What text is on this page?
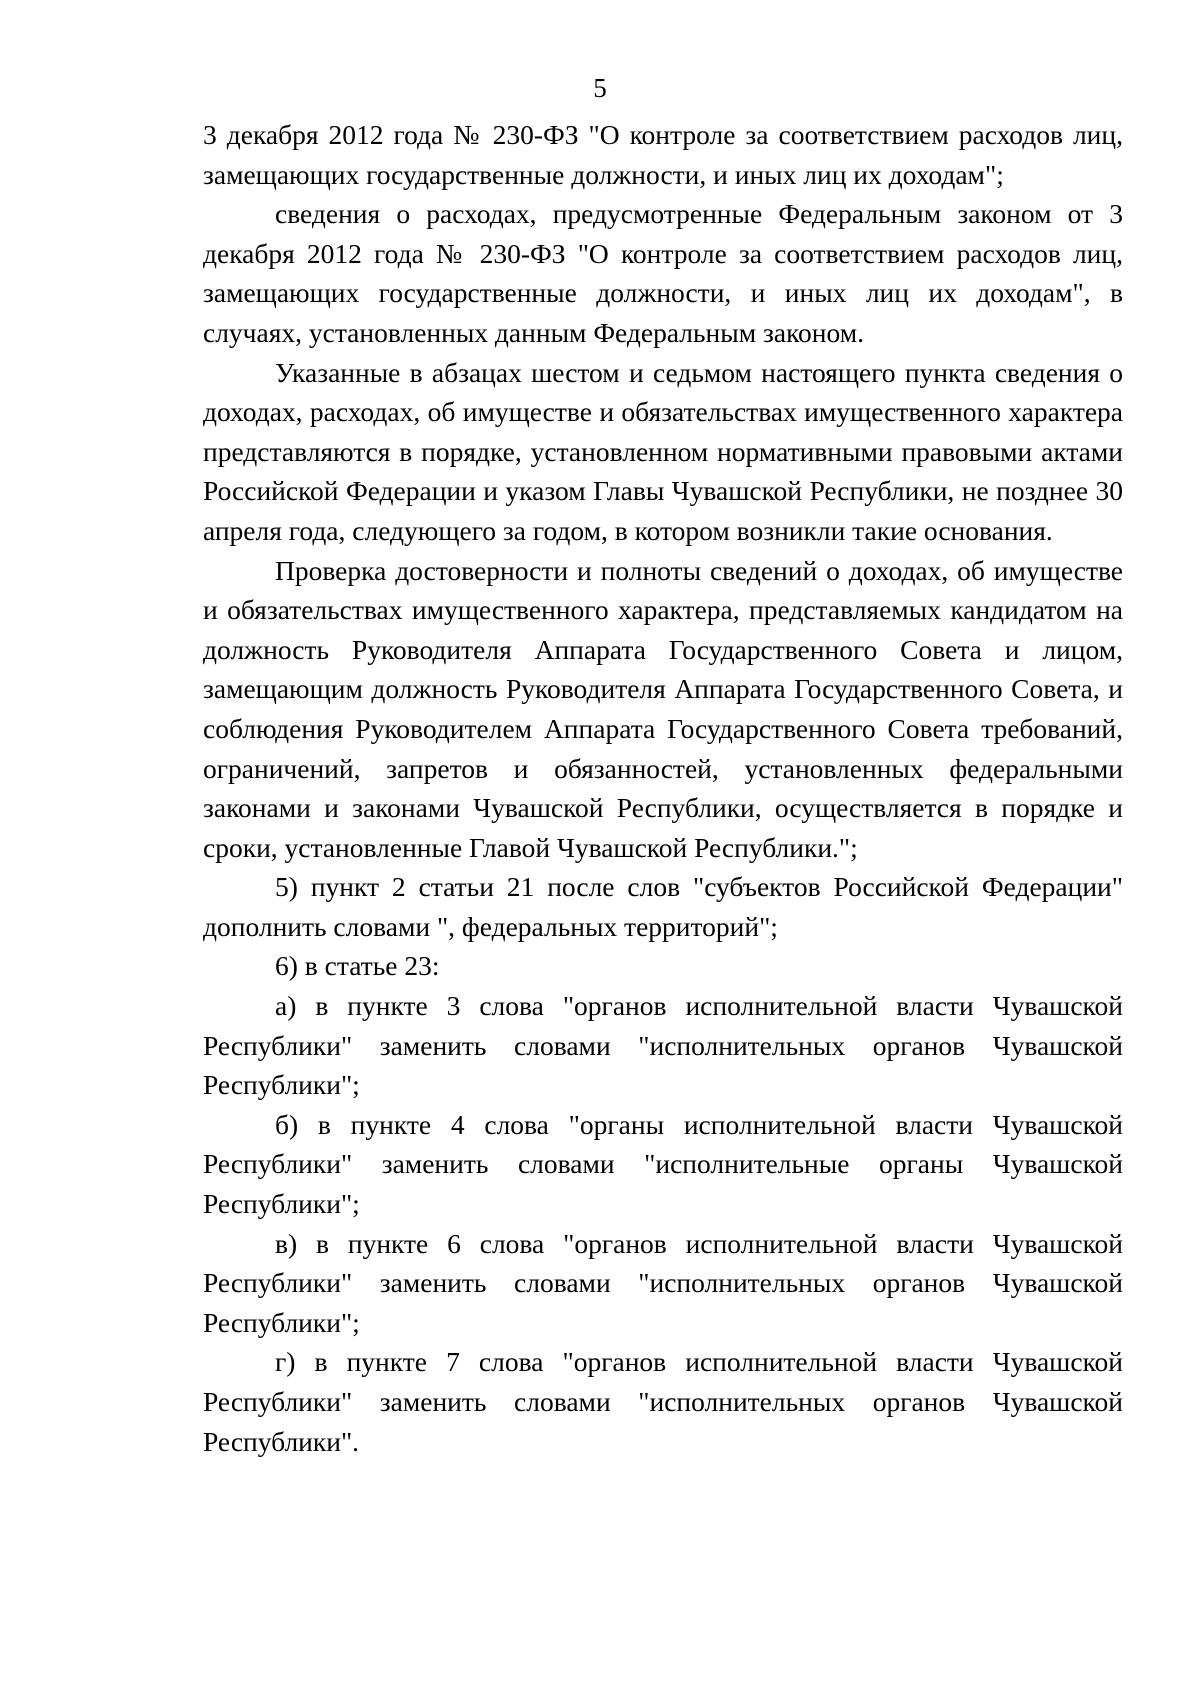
5

3 декабря 2012 года № 230-ФЗ "О контроле за соответствием расходов лиц, замещающих государственные должности, и иных лиц их доходам";

сведения о расходах, предусмотренные Федеральным законом от 3 декабря 2012 года № 230-ФЗ "О контроле за соответствием расходов лиц, замещающих государственные должности, и иных лиц их доходам", в случаях, установленных данным Федеральным законом.

Указанные в абзацах шестом и седьмом настоящего пункта сведения о доходах, расходах, об имуществе и обязательствах имущественного характера представляются в порядке, установленном нормативными правовыми актами Российской Федерации и указом Главы Чувашской Республики, не позднее 30 апреля года, следующего за годом, в котором возникли такие основания.

Проверка достоверности и полноты сведений о доходах, об имуществе и обязательствах имущественного характера, представляемых кандидатом на должность Руководителя Аппарата Государственного Совета и лицом, замещающим должность Руководителя Аппарата Государственного Совета, и соблюдения Руководителем Аппарата Государственного Совета требований, ограничений, запретов и обязанностей, установленных федеральными законами и законами Чувашской Республики, осуществляется в порядке и сроки, установленные Главой Чувашской Республики.";

5) пункт 2 статьи 21 после слов "субъектов Российской Федерации" дополнить словами ", федеральных территорий";

6) в статье 23:

а) в пункте 3 слова "органов исполнительной власти Чувашской Республики" заменить словами "исполнительных органов Чувашской Республики";

б) в пункте 4 слова "органы исполнительной власти Чувашской Республики" заменить словами "исполнительные органы Чувашской Республики";

в) в пункте 6 слова "органов исполнительной власти Чувашской Республики" заменить словами "исполнительных органов Чувашской Республики";

г) в пункте 7 слова "органов исполнительной власти Чувашской Республики" заменить словами "исполнительных органов Чувашской Республики".
